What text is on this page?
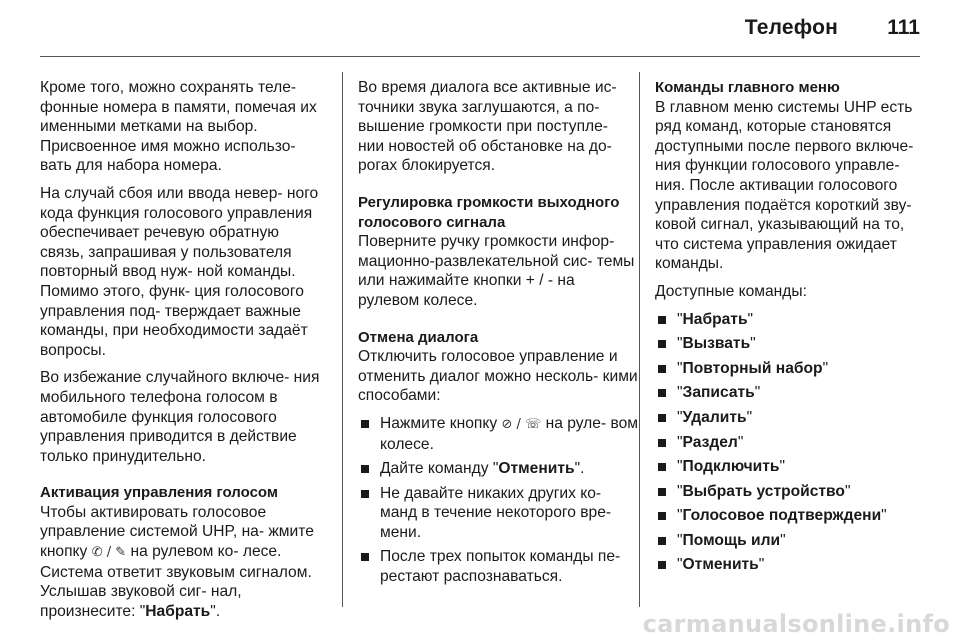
Телефон 111

Кроме того, можно сохранять теле- фонные номера в памяти, помечая их именными метками на выбор. Присвоенное имя можно использо- вать для набора номера.

На случай сбоя или ввода невер- ного кода функция голосового управления обеспечивает речевую обратную связь, запрашивая у пользователя повторный ввод нуж- ной команды. Помимо этого, функ- ция голосового управления под- тверждает важные команды, при необходимости задаёт вопросы.

Во избежание случайного включе- ния мобильного телефона голосом в автомобиле функция голосового управления приводится в действие только принудительно.

Активация управления голосом

Чтобы активировать голосовое управление системой UHP, на- жмите кнопку ✆ / ✎ на рулевом ко- лесе. Система ответит звуковым сигналом. Услышав звуковой сиг- нал, произнесите: "Набрать".

Во время диалога все активные ис- точники звука заглушаются, а по- вышение громкости при поступле- нии новостей об обстановке на до- рогах блокируется.

Регулировка громкости выходного голосового сигнала

Поверните ручку громкости инфор- мационно-развлекательной сис- темы или нажимайте кнопки + / - на рулевом колесе.

Отмена диалога

Отключить голосовое управление и отменить диалог можно несколь- кими способами:

Нажмите кнопку ⊘ / ☏ на руле- вом колесе.
Дайте команду "Отменить".
Не давайте никаких других ко- манд в течение некоторого вре- мени.
После трех попыток команды пе- рестают распознаваться.
Команды главного меню

В главном меню системы UHP есть ряд команд, которые становятся доступными после первого включе- ния функции голосового управле- ния. После активации голосового управления подаётся короткий зву- ковой сигнал, указывающий на то, что система управления ожидает команды.

Доступные команды:

"Набрать"
"Вызвать"
"Повторный набор"
"Записать"
"Удалить"
"Раздел"
"Подключить"
"Выбрать устройство"
"Голосовое подтверждени"
"Помощь или"
"Отменить"
carmanualsonline.info
